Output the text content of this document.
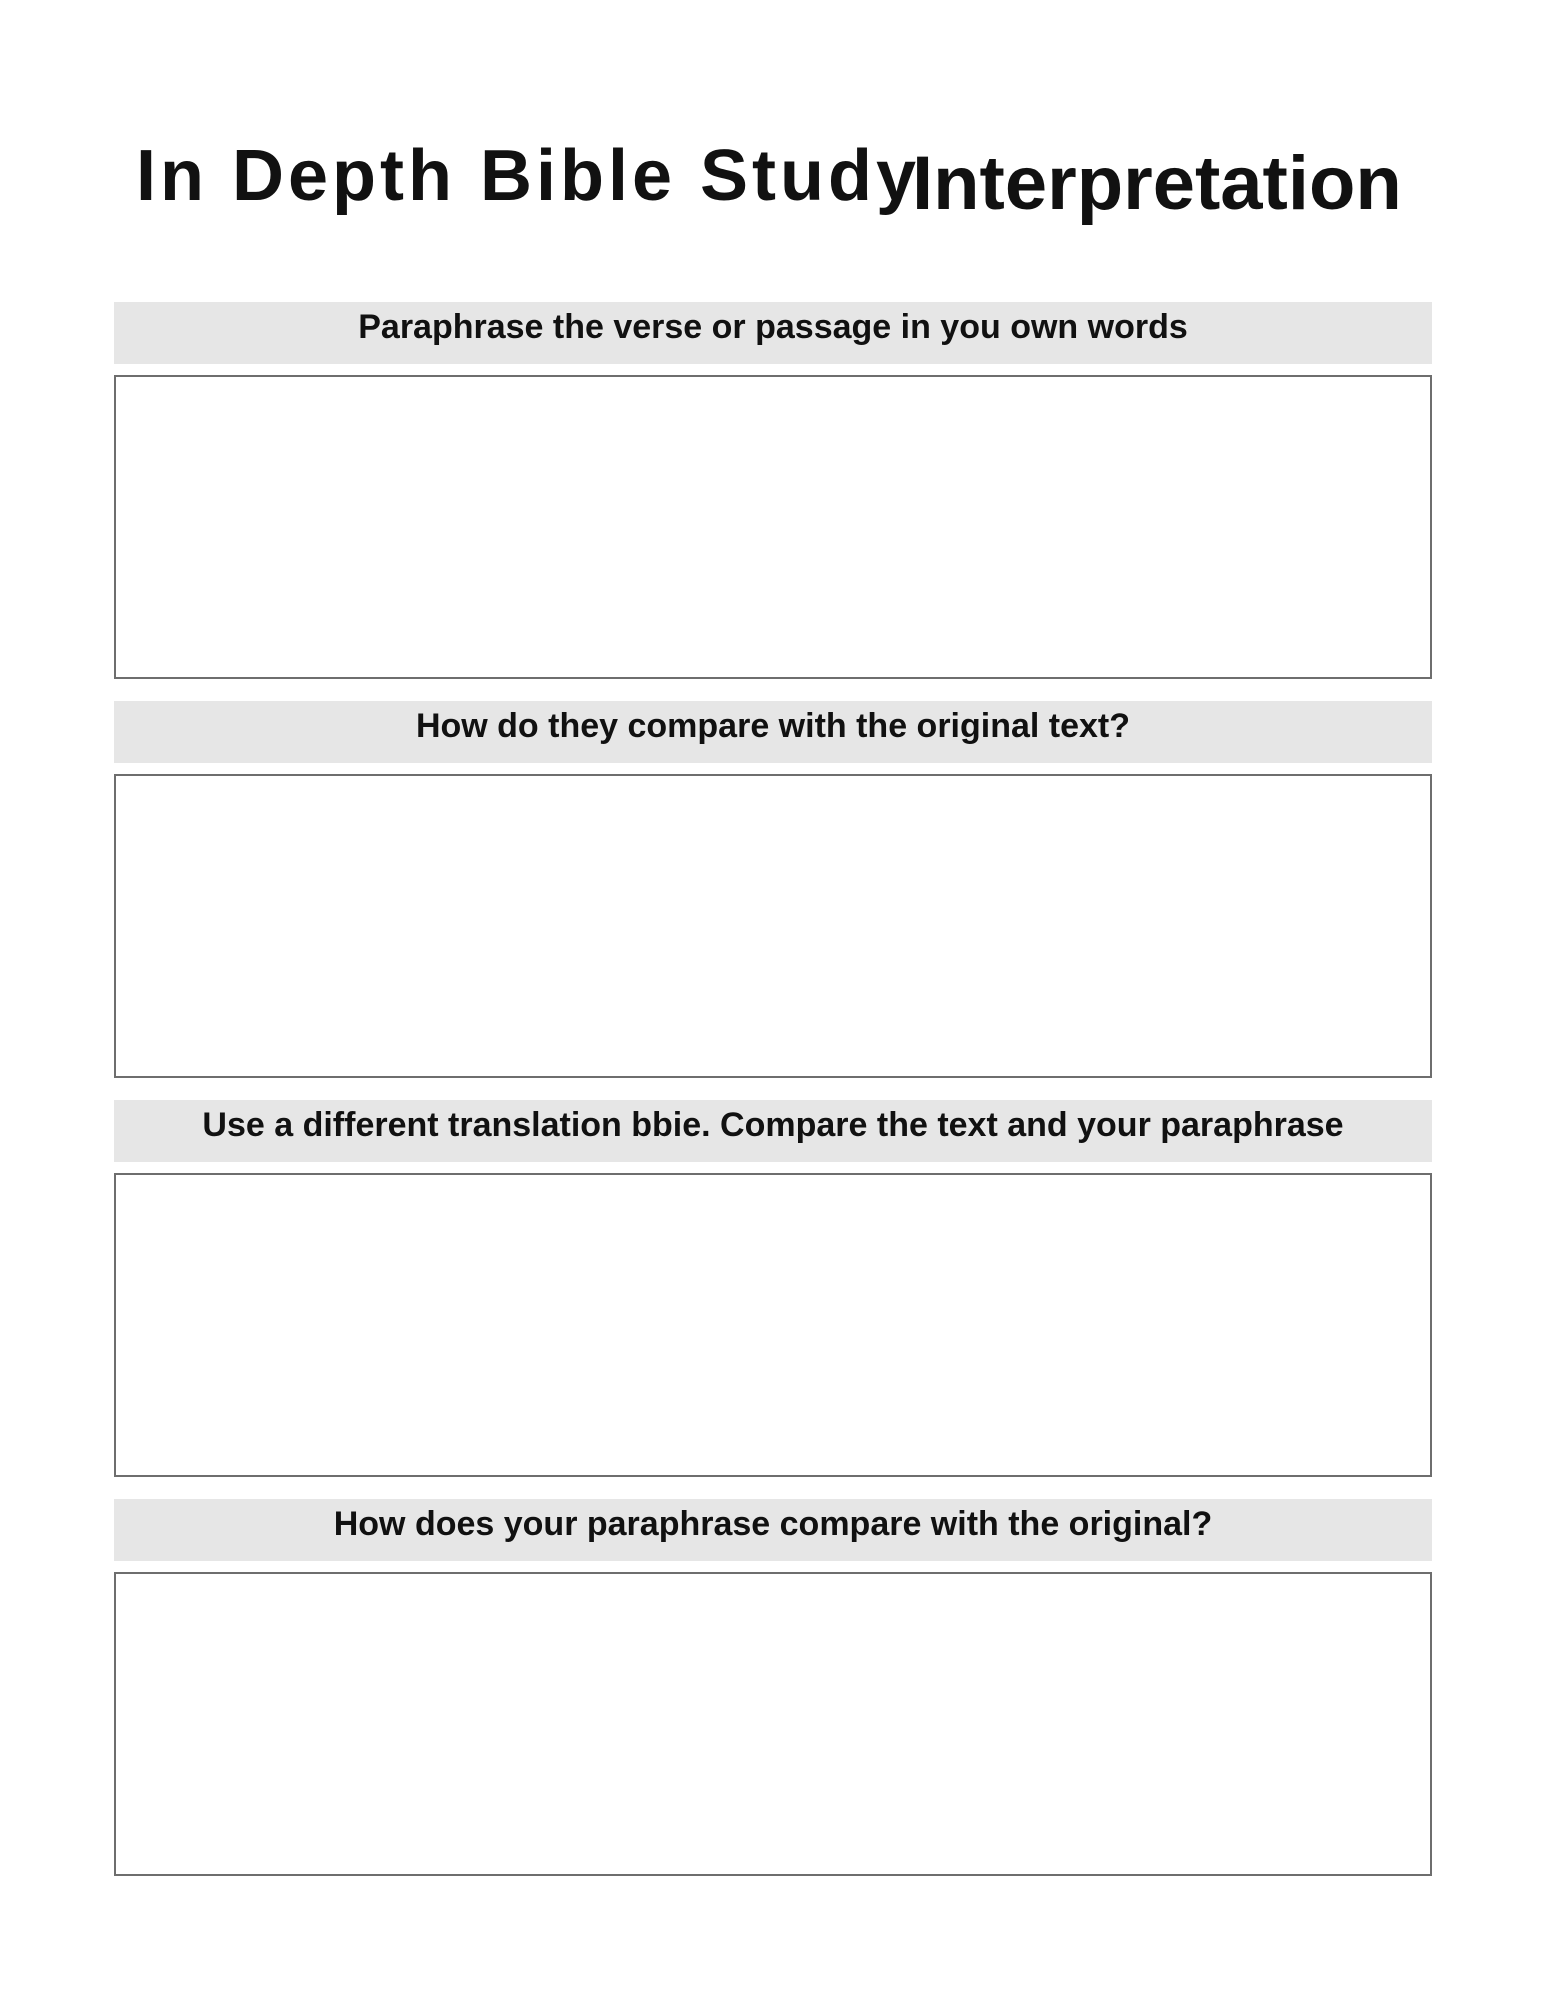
In Depth Bible Study
Interpretation
Paraphrase the verse or passage in you own words
How do they compare with the original text?
Use a different translation bbie. Compare the text and your paraphrase
How does your paraphrase compare with the original?
